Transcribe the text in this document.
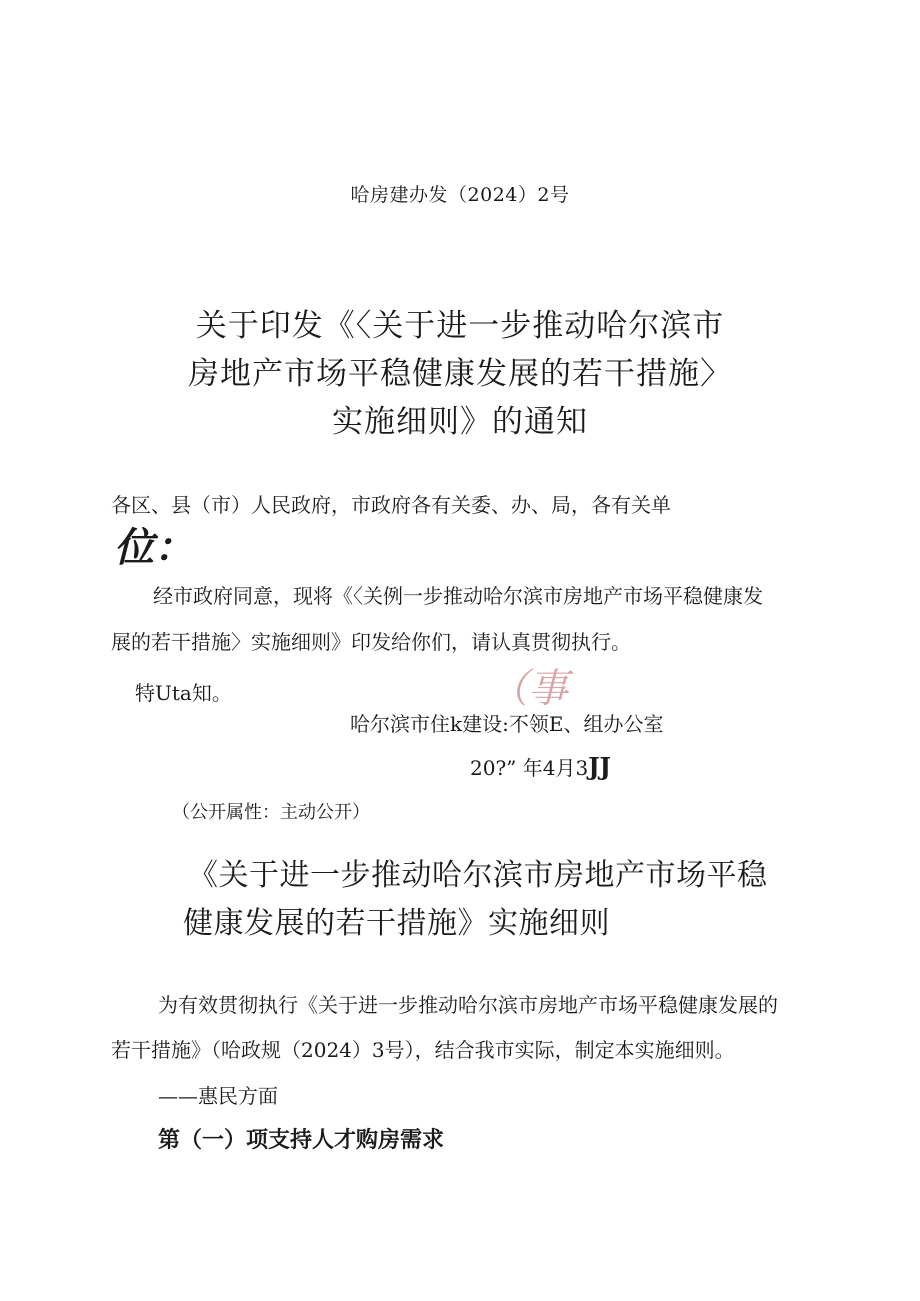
哈房建办发（2024）2号
关于印发《〈关于进一步推动哈尔滨市
房地产市场平稳健康发展的若干措施〉
实施细则》的通知
各区、县（市）人民政府，市政府各有关委、办、局，各有关单
位：
经市政府同意，现将《〈关例一步推动哈尔滨市房地产市场平稳健康发
展的若干措施〉实施细则》印发给你们，请认真贯彻执行。
特Uta知。	（事
哈尔滨市住k建设:不领E、组办公室
20?” 年4月3JJ
（公开属性：主动公开）
《关于进一步推动哈尔滨市房地产市场平稳
健康发展的若干措施》实施细则
为有效贯彻执行《关于进一步推动哈尔滨市房地产市场平稳健康发展的
若干措施》（哈政规（2024）3号），结合我市实际，制定本实施细则。
——惠民方面
第（一）项支持人才购房需求
